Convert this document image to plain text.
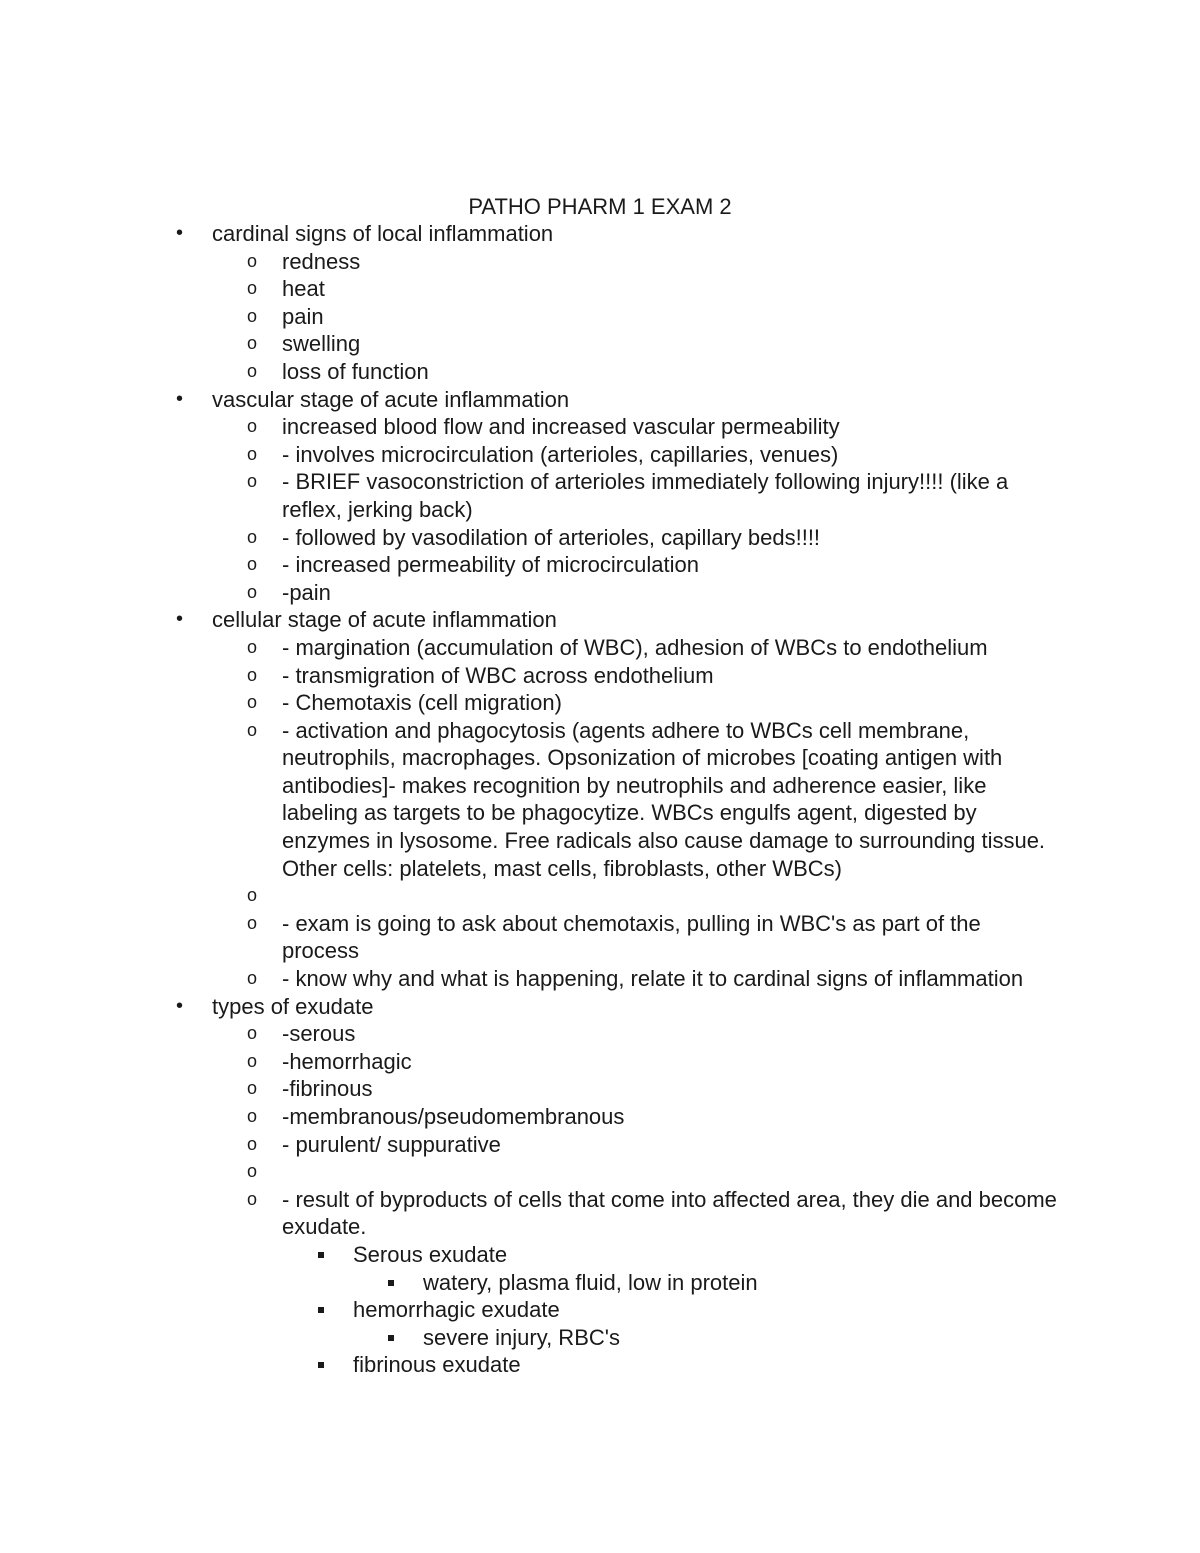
PATHO PHARM 1 EXAM 2
• cardinal signs of local inflammation
o redness
o heat
o pain
o swelling
o loss of function
• vascular stage of acute inflammation
o increased blood flow and increased vascular permeability
o - involves microcirculation (arterioles, capillaries, venues)
o - BRIEF vasoconstriction of arterioles immediately following injury!!!! (like a reflex, jerking back)
o - followed by vasodilation of arterioles, capillary beds!!!!
o - increased permeability of microcirculation
o -pain
• cellular stage of acute inflammation
o - margination (accumulation of WBC), adhesion of WBCs to endothelium
o - transmigration of WBC across endothelium
o - Chemotaxis (cell migration)
o - activation and phagocytosis (agents adhere to WBCs cell membrane, neutrophils, macrophages. Opsonization of microbes [coating antigen with antibodies]- makes recognition by neutrophils and adherence easier, like labeling as targets to be phagocytize. WBCs engulfs agent, digested by enzymes in lysosome. Free radicals also cause damage to surrounding tissue. Other cells: platelets, mast cells, fibroblasts, other WBCs)
o
o - exam is going to ask about chemotaxis, pulling in WBC's as part of the process
o - know why and what is happening, relate it to cardinal signs of inflammation
• types of exudate
o -serous
o -hemorrhagic
o -fibrinous
o -membranous/pseudomembranous
o - purulent/ suppurative
o
o - result of byproducts of cells that come into affected area, they die and become exudate.
Serous exudate
watery, plasma fluid, low in protein
hemorrhagic exudate
severe injury, RBC's
fibrinous exudate
